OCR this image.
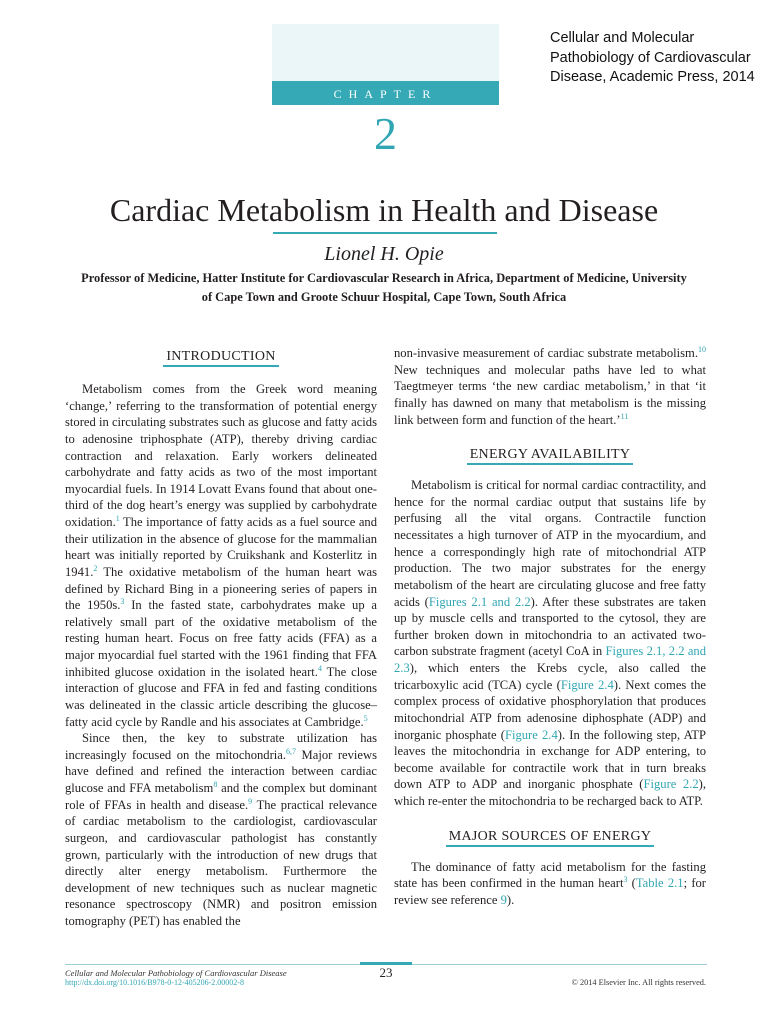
Cellular and Molecular Pathobiology of Cardiovascular Disease, Academic Press, 2014
CHAPTER
2
Cardiac Metabolism in Health and Disease
Lionel H. Opie
Professor of Medicine, Hatter Institute for Cardiovascular Research in Africa, Department of Medicine, University of Cape Town and Groote Schuur Hospital, Cape Town, South Africa
INTRODUCTION

Metabolism comes from the Greek word meaning ‘change,’ referring to the transformation of potential energy stored in circulating substrates such as glucose and fatty acids to adenosine triphosphate (ATP), thereby driving cardiac contraction and relaxation. Early workers delineated carbohydrate and fatty acids as two of the most important myocardial fuels. In 1914 Lovatt Evans found that about one-third of the dog heart’s energy was supplied by carbohydrate oxidation.$^1$ The importance of fatty acids as a fuel source and their utilization in the absence of glucose for the mammalian heart was initially reported by Cruikshank and Kosterlitz in 1941.$^2$ The oxidative metabolism of the human heart was defined by Richard Bing in a pioneering series of papers in the 1950s.$^3$ In the fasted state, carbohydrates make up a relatively small part of the oxidative metabolism of the resting human heart. Focus on free fatty acids (FFA) as a major myocardial fuel started with the 1961 finding that FFA inhibited glucose oxidation in the isolated heart.$^4$ The close interaction of glucose and FFA in fed and fasting conditions was delineated in the classic article describing the glucose–fatty acid cycle by Randle and his associates at Cambridge.$^5$

Since then, the key to substrate utilization has increasingly focused on the mitochondria.$^{6,7}$ Major reviews have defined and refined the interaction between cardiac glucose and FFA metabolism$^8$ and the complex but dominant role of FFAs in health and disease.$^9$ The practical relevance of cardiac metabolism to the cardiologist, cardiovascular surgeon, and cardiovascular pathologist has constantly grown, particularly with the introduction of new drugs that directly alter energy metabolism. Furthermore the development of new techniques such as nuclear magnetic resonance spectroscopy (NMR) and positron emission tomography (PET) has enabled the

non-invasive measurement of cardiac substrate metabolism.$^{10}$ New techniques and molecular paths have led to what Taegtmeyer terms ‘the new cardiac metabolism,’ in that ‘it finally has dawned on many that metabolism is the missing link between form and function of the heart.’$^{11}$

ENERGY AVAILABILITY

Metabolism is critical for normal cardiac contractility, and hence for the normal cardiac output that sustains life by perfusing all the vital organs. Contractile function necessitates a high turnover of ATP in the myocardium, and hence a correspondingly high rate of mitochondrial ATP production. The two major substrates for the energy metabolism of the heart are circulating glucose and free fatty acids (Figures 2.1 and 2.2). After these substrates are taken up by muscle cells and transported to the cytosol, they are further broken down in mitochondria to an activated two-carbon substrate fragment (acetyl CoA in Figures 2.1, 2.2 and 2.3), which enters the Krebs cycle, also called the tricarboxylic acid (TCA) cycle (Figure 2.4). Next comes the complex process of oxidative phosphorylation that produces mitochondrial ATP from adenosine diphosphate (ADP) and inorganic phosphate (Figure 2.4). In the following step, ATP leaves the mitochondria in exchange for ADP entering, to become available for contractile work that in turn breaks down ATP to ADP and inorganic phosphate (Figure 2.2), which re-enter the mitochondria to be recharged back to ATP.

MAJOR SOURCES OF ENERGY

The dominance of fatty acid metabolism for the fasting state has been confirmed in the human heart$^3$ (Table 2.1; for review see reference 9).

23
Cellular and Molecular Pathobiology of Cardiovascular Disease
http://dx.doi.org/10.1016/B978-0-12-405206-2.00002-8	© 2014 Elsevier Inc. All rights reserved.
